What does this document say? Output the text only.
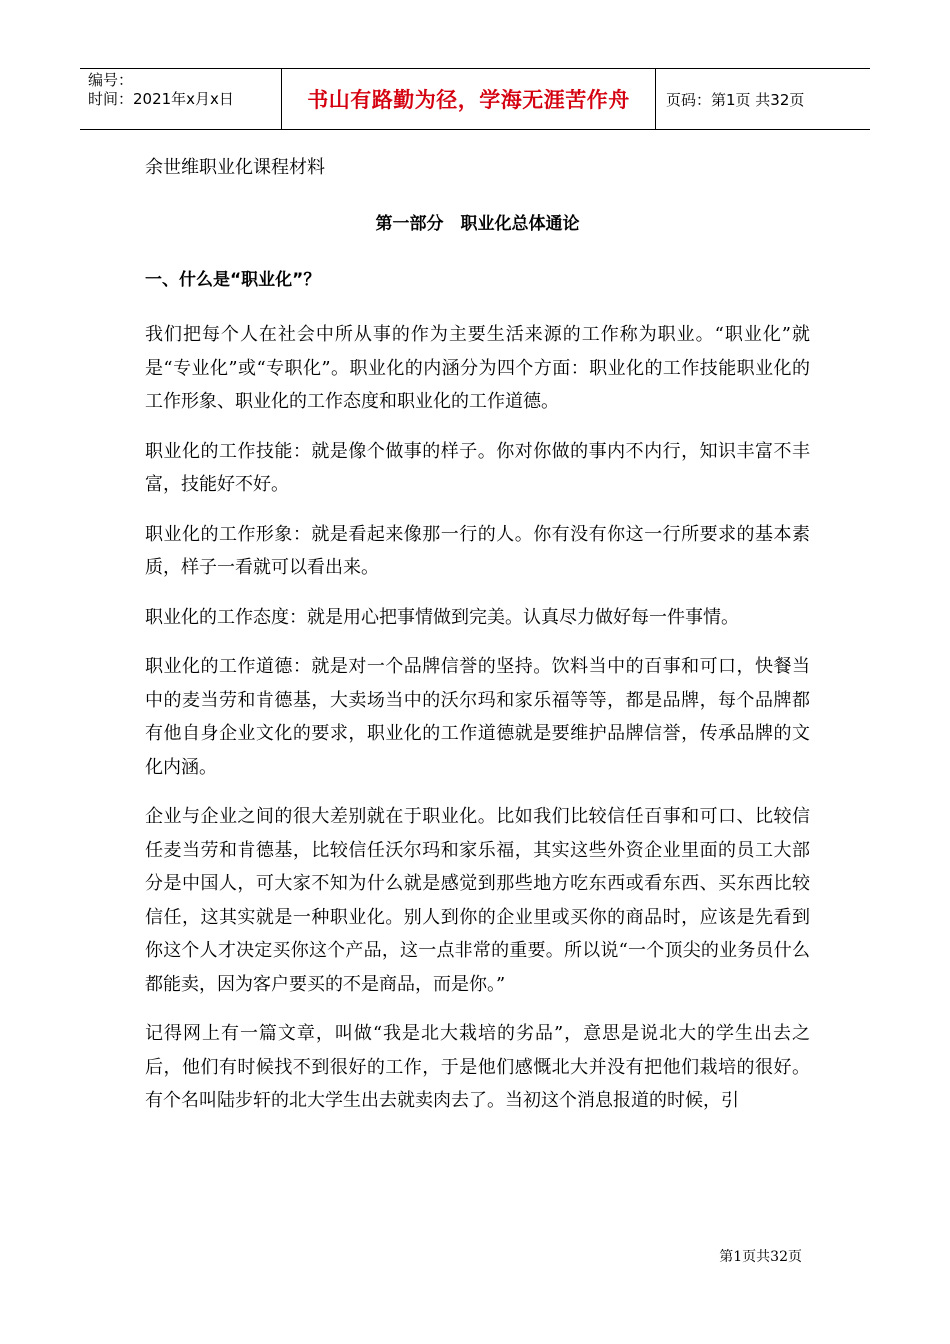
编号：
时间：2021年x月x日	书山有路勤为径，学海无涯苦作舟	页码：第1页 共32页
余世维职业化课程材料
第一部分　职业化总体通论
一、什么是“职业化”？

我们把每个人在社会中所从事的作为主要生活来源的工作称为职业。“职业化”就是“专业化”或“专职化”。职业化的内涵分为四个方面：职业化的工作技能职业化的工作形象、职业化的工作态度和职业化的工作道德。

职业化的工作技能：就是像个做事的样子。你对你做的事内不内行，知识丰富不丰富，技能好不好。

职业化的工作形象：就是看起来像那一行的人。你有没有你这一行所要求的基本素质，样子一看就可以看出来。

职业化的工作态度：就是用心把事情做到完美。认真尽力做好每一件事情。

职业化的工作道德：就是对一个品牌信誉的坚持。饮料当中的百事和可口，快餐当中的麦当劳和肯德基，大卖场当中的沃尔玛和家乐福等等，都是品牌，每个品牌都有他自身企业文化的要求，职业化的工作道德就是要维护品牌信誉，传承品牌的文化内涵。

企业与企业之间的很大差别就在于职业化。比如我们比较信任百事和可口、比较信任麦当劳和肯德基，比较信任沃尔玛和家乐福，其实这些外资企业里面的员工大部分是中国人，可大家不知为什么就是感觉到那些地方吃东西或看东西、买东西比较信任，这其实就是一种职业化。别人到你的企业里或买你的商品时，应该是先看到你这个人才决定买你这个产品，这一点非常的重要。所以说“一个顶尖的业务员什么都能卖，因为客户要买的不是商品，而是你。”

记得网上有一篇文章，叫做“我是北大栽培的劣品”，意思是说北大的学生出去之后，他们有时候找不到很好的工作，于是他们感慨北大并没有把他们栽培的很好。有个名叫陆步轩的北大学生出去就卖肉去了。当初这个消息报道的时候，引

第1页共32页
